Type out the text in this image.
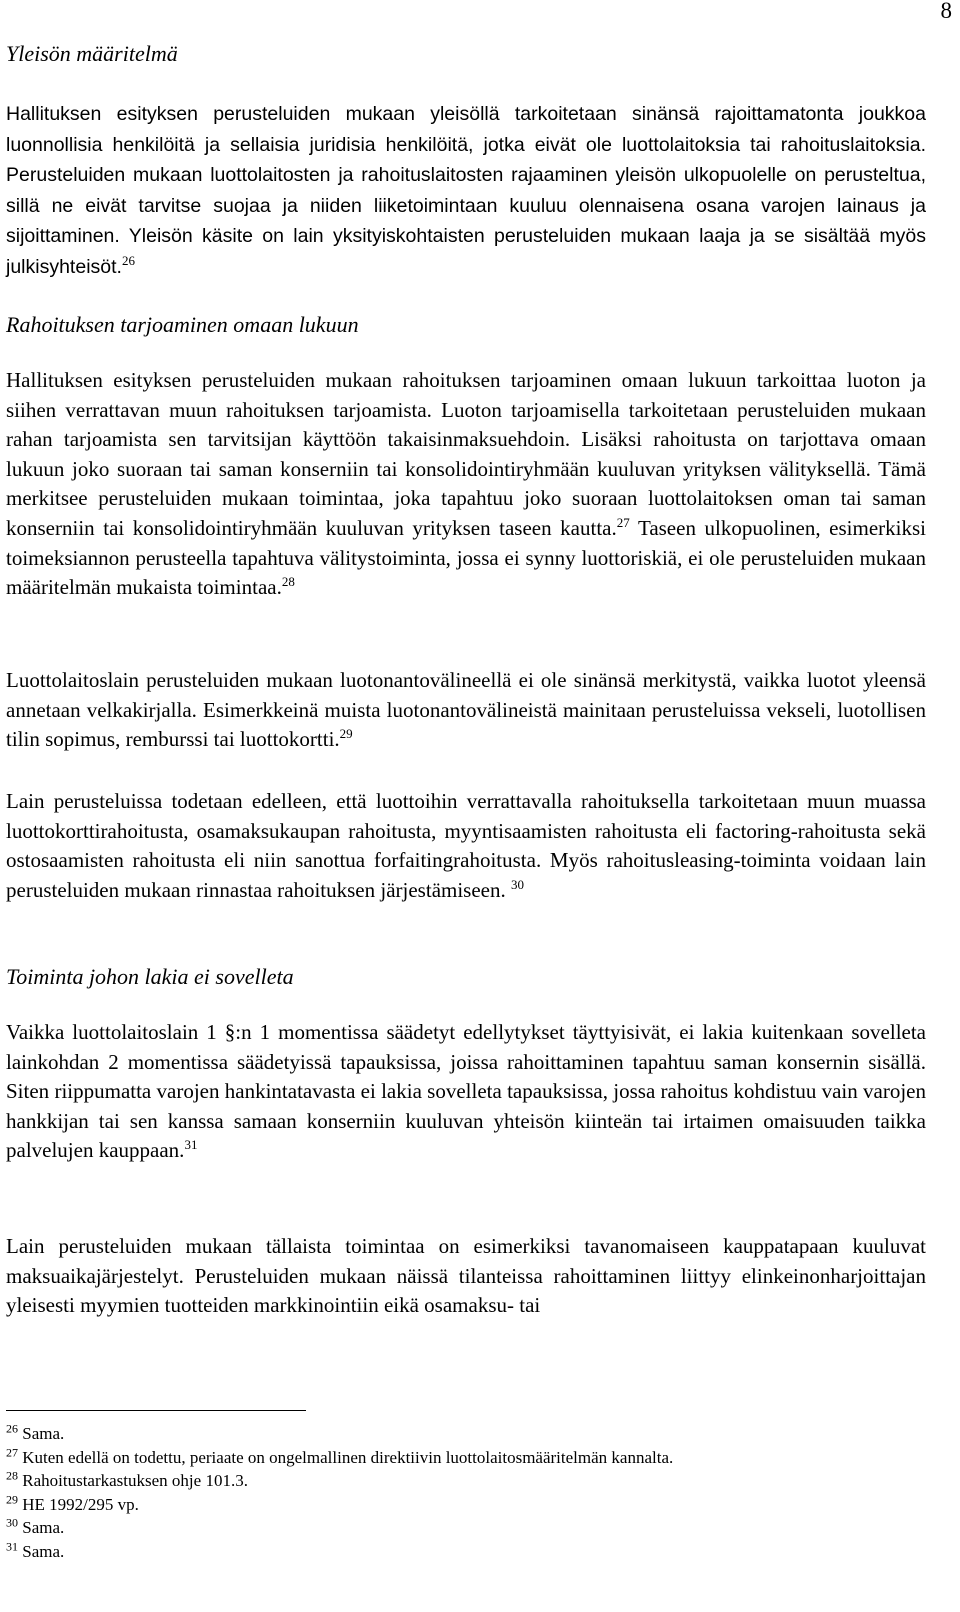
8
Yleisön määritelmä

Hallituksen esityksen perusteluiden mukaan yleisöllä tarkoitetaan sinänsä rajoittamatonta joukkoa luonnollisia henkilöitä ja sellaisia juridisia henkilöitä, jotka eivät ole luottolaitoksia tai rahoituslaitoksia. Perusteluiden mukaan luottolaitosten ja rahoituslaitosten rajaaminen yleisön ulkopuolelle on perusteltua, sillä ne eivät tarvitse suojaa ja niiden liiketoimintaan kuuluu olennaisena osana varojen lainaus ja sijoittaminen. Yleisön käsite on lain yksityiskohtaisten perusteluiden mukaan laaja ja se sisältää myös julkisyhteisöt.$^{26}$

Rahoituksen tarjoaminen omaan lukuun

Hallituksen esityksen perusteluiden mukaan rahoituksen tarjoaminen omaan lukuun tarkoittaa luoton ja siihen verrattavan muun rahoituksen tarjoamista. Luoton tarjoamisella tarkoitetaan perusteluiden mukaan rahan tarjoamista sen tarvitsijan käyttöön takaisinmaksuehdoin. Lisäksi rahoitusta on tarjottava omaan lukuun joko suoraan tai saman konserniin tai konsolidointiryhmään kuuluvan yrityksen välityksellä. Tämä merkitsee perusteluiden mukaan toimintaa, joka tapahtuu joko suoraan luottolaitoksen oman tai saman konserniin tai konsolidointiryhmään kuuluvan yrityksen taseen kautta.$^{27}$ Taseen ulkopuolinen, esimerkiksi toimeksiannon perusteella tapahtuva välitystoiminta, jossa ei synny luottoriskiä, ei ole perusteluiden mukaan määritelmän mukaista toimintaa.$^{28}$

Luottolaitoslain perusteluiden mukaan luotonantovälineellä ei ole sinänsä merkitystä, vaikka luotot yleensä annetaan velkakirjalla. Esimerkkeinä muista luotonantovälineistä mainitaan perusteluissa vekseli, luotollisen tilin sopimus, remburssi tai luottokortti.$^{29}$

Lain perusteluissa todetaan edelleen, että luottoihin verrattavalla rahoituksella tarkoitetaan muun muassa luottokorttirahoitusta, osamaksukaupan rahoitusta, myyntisaamisten rahoitusta eli factoring-rahoitusta sekä ostosaamisten rahoitusta eli niin sanottua forfaitingrahoitusta. Myös rahoitusleasing-toiminta voidaan lain perusteluiden mukaan rinnastaa rahoituksen järjestämiseen. $^{30}$

Toiminta johon lakia ei sovelleta

Vaikka luottolaitoslain 1 §:n 1 momentissa säädetyt edellytykset täyttyisivät, ei lakia kuitenkaan sovelleta lainkohdan 2 momentissa säädetyissä tapauksissa, joissa rahoittaminen tapahtuu saman konsernin sisällä. Siten riippumatta varojen hankintatavasta ei lakia sovelleta tapauksissa, jossa rahoitus kohdistuu vain varojen hankkijan tai sen kanssa samaan konserniin kuuluvan yhteisön kiinteän tai irtaimen omaisuuden taikka palvelujen kauppaan.$^{31}$

Lain perusteluiden mukaan tällaista toimintaa on esimerkiksi tavanomaiseen kauppatapaan kuuluvat maksuaikajärjestelyt. Perusteluiden mukaan näissä tilanteissa rahoittaminen liittyy elinkeinonharjoittajan yleisesti myymien tuotteiden markkinointiin eikä osamaksu- tai

$^{26}$ Sama.
$^{27}$ Kuten edellä on todettu, periaate on ongelmallinen direktiivin luottolaitosmääritelmän kannalta.
$^{28}$ Rahoitustarkastuksen ohje 101.3.
$^{29}$ HE 1992/295 vp.
$^{30}$ Sama.
$^{31}$ Sama.
